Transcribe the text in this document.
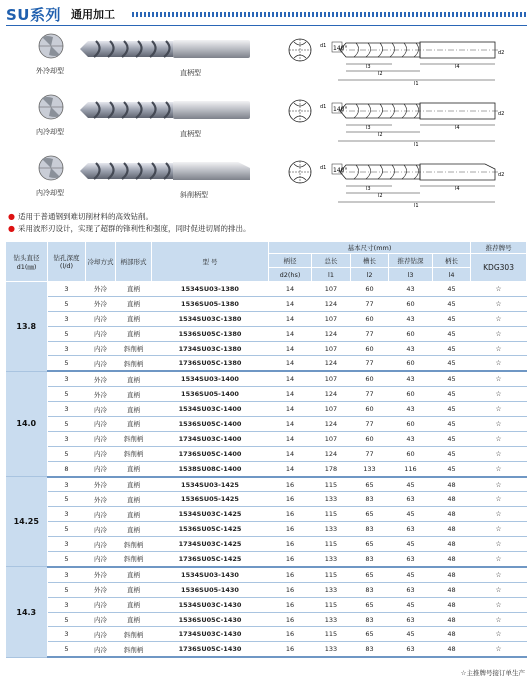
SU系列 通用加工
外冷却型	直柄型
d1 140°
d2
l3
l2
l1
l4
内冷却型	直柄型
d1 140°
d2
l3
l2
l1
l4
内冷却型	斜削柄型
d1 140°
d2
l3
l2
l1
l4
● 适用于普通钢到难切削材料的高效钻削。
● 采用波形刃设计，实现了超群的锋利性和强度，同时促进切屑的排出。
钻头直径
d1(㎜)	钻孔深度
(l/d)	冷却方式	柄部形式	型 号	基本尺寸(mm)					推荐牌号
					柄径	总长	槽长	推荐钻深	柄长	KDG303
					d2(hs)	l1	l2	l3	l4	
13.8	3	外冷	直柄	1534SU03-1380	14	107	60	43	45	☆
	5	外冷	直柄	1536SU05-1380	14	124	77	60	45	☆
	3	内冷	直柄	1534SU03C-1380	14	107	60	43	45	☆
	5	内冷	直柄	1536SU05C-1380	14	124	77	60	45	☆
	3	内冷	斜削柄	1734SU03C-1380	14	107	60	43	45	☆
	5	内冷	斜削柄	1736SU05C-1380	14	124	77	60	45	☆
14.0	3	外冷	直柄	1534SU03-1400	14	107	60	43	45	☆
	5	外冷	直柄	1536SU05-1400	14	124	77	60	45	☆
	3	内冷	直柄	1534SU03C-1400	14	107	60	43	45	☆
	5	内冷	直柄	1536SU05C-1400	14	124	77	60	45	☆
	3	内冷	斜削柄	1734SU03C-1400	14	107	60	43	45	☆
	5	内冷	斜削柄	1736SU05C-1400	14	124	77	60	45	☆
	8	内冷	直柄	1538SU08C-1400	14	178	133	116	45	☆
14.25	3	外冷	直柄	1534SU03-1425	16	115	65	45	48	☆
	5	外冷	直柄	1536SU05-1425	16	133	83	63	48	☆
	3	内冷	直柄	1534SU03C-1425	16	115	65	45	48	☆
	5	内冷	直柄	1536SU05C-1425	16	133	83	63	48	☆
	3	内冷	斜削柄	1734SU03C-1425	16	115	65	45	48	☆
	5	内冷	斜削柄	1736SU05C-1425	16	133	83	63	48	☆
14.3	3	外冷	直柄	1534SU03-1430	16	115	65	45	48	☆
	5	外冷	直柄	1536SU05-1430	16	133	83	63	48	☆
	3	内冷	直柄	1534SU03C-1430	16	115	65	45	48	☆
	5	内冷	直柄	1536SU05C-1430	16	133	83	63	48	☆
	3	内冷	斜削柄	1734SU03C-1430	16	115	65	45	48	☆
	5	内冷	斜削柄	1736SU05C-1430	16	133	83	63	48	☆
☆主推牌号接订单生产
